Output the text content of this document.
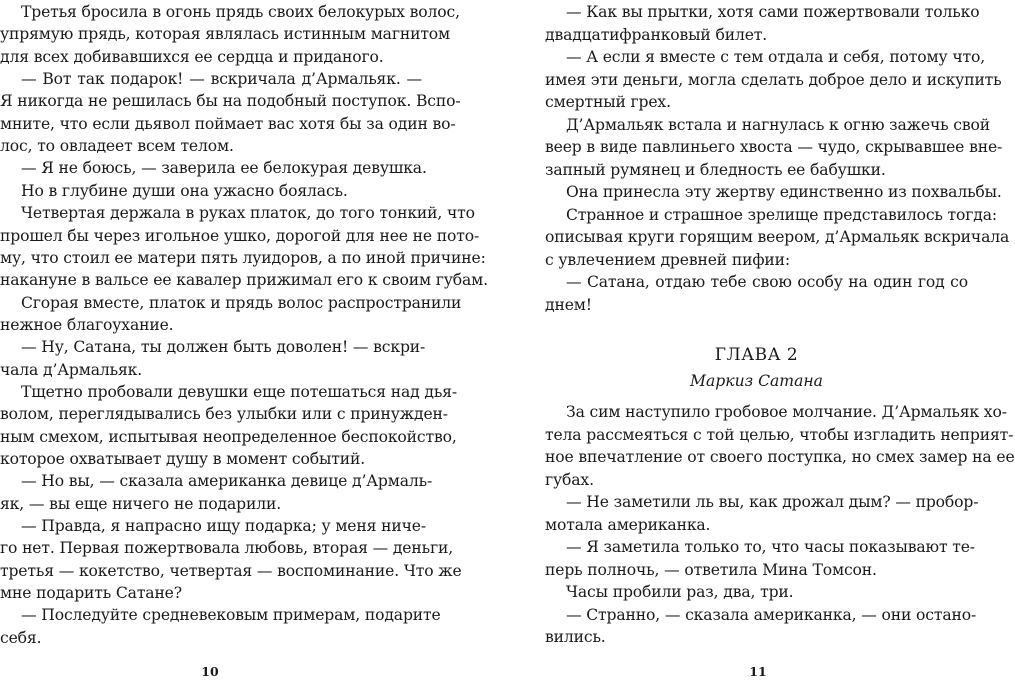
Третья бросила в огонь прядь своих белокурых волос,
упрямую прядь, которая являлась истинным магнитом
для всех добивавшихся ее сердца и приданого.
— Вот так подарок! — вскричала д’Армальяк. —
Я никогда не решилась бы на подобный поступок. Вспо-
мните, что если дьявол поймает вас хотя бы за один во-
лос, то овладеет всем телом.
— Я не боюсь, — заверила ее белокурая девушка.
Но в глубине души она ужасно боялась.
Четвертая держала в руках платок, до того тонкий, что
прошел бы через игольное ушко, дорогой для нее не пото-
му, что стоил ее матери пять луидоров, а по иной причине:
накануне в вальсе ее кавалер прижимал его к своим губам.
Сгорая вместе, платок и прядь волос распространили
нежное благоухание.
— Ну, Сатана, ты должен быть доволен! — вскри-
чала д’Армальяк.
Тщетно пробовали девушки еще потешаться над дья-
волом, переглядывались без улыбки или с принужден-
ным смехом, испытывая неопределенное беспокойство,
которое охватывает душу в момент событий.
— Но вы, — сказала американка девице д’Армаль-
як, — вы еще ничего не подарили.
— Правда, я напрасно ищу подарка; у меня ниче-
го нет. Первая пожертвовала любовь, вторая — деньги,
третья — кокетство, четвертая — воспоминание. Что же
мне подарить Сатане?
— Последуйте средневековым примерам, подарите
себя.
10
— Как вы прытки, хотя сами пожертвовали только
двадцатифранковый билет.
— А если я вместе с тем отдала и себя, потому что,
имея эти деньги, могла сделать доброе дело и искупить
смертный грех.
Д’Армальяк встала и нагнулась к огню зажечь свой
веер в виде павлиньего хвоста — чудо, скрывавшее вне-
запный румянец и бледность ее бабушки.
Она принесла эту жертву единственно из похвальбы.
Странное и страшное зрелище представилось тогда:
описывая круги горящим веером, д’Армальяк вскричала
с увлечением древней пифии:
— Сатана, отдаю тебе свою особу на один год со
днем!
ГЛАВА 2
Маркиз Сатана
За сим наступило гробовое молчание. Д’Армальяк хо-
тела рассмеяться с той целью, чтобы изгладить неприят-
ное впечатление от своего поступка, но смех замер на ее
губах.
— Не заметили ль вы, как дрожал дым? — пробор-
мотала американка.
— Я заметила только то, что часы показывают те-
перь полночь, — ответила Мина Томсон.
Часы пробили раз, два, три.
— Странно, — сказала американка, — они остано-
вились.
11
